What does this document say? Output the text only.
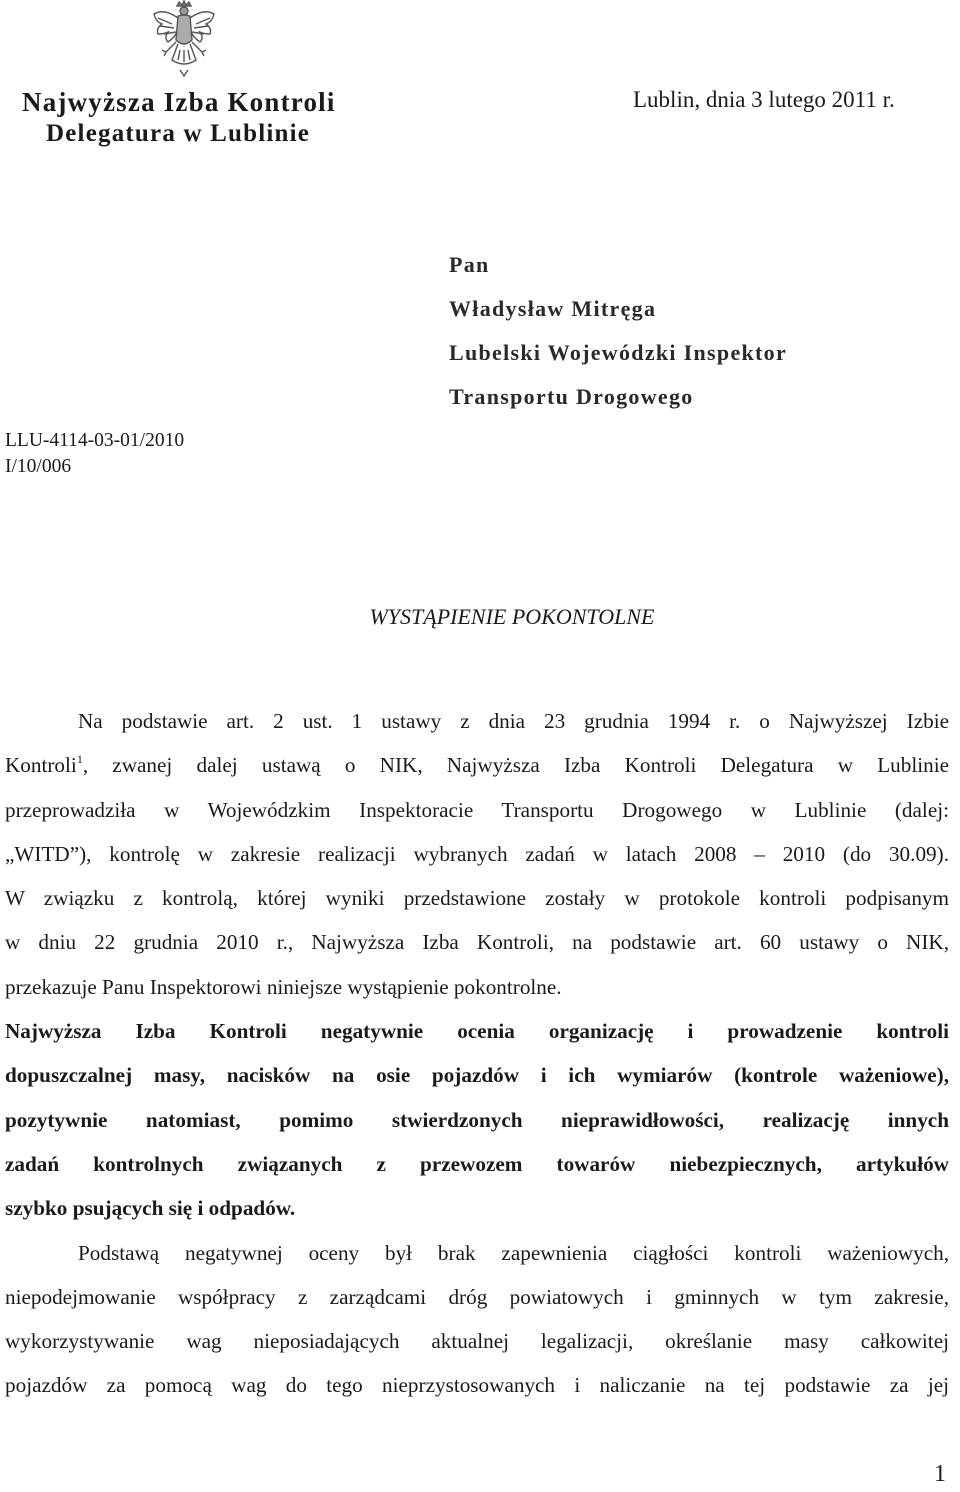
Najwyższa Izba Kontroli
Delegatura w Lublinie
Lublin, dnia 3 lutego 2011 r.
Pan
Władysław Mitręga
Lubelski Wojewódzki Inspektor
Transportu Drogowego
LLU-4114-03-01/2010
I/10/006
WYSTĄPIENIE POKONTOLNE

Na podstawie art. 2 ust. 1 ustawy z dnia 23 grudnia 1994 r. o Najwyższej Izbie

Kontroli$^1$, zwanej dalej ustawą o NIK, Najwyższa Izba Kontroli Delegatura w Lublinie

przeprowadziła w Wojewódzkim Inspektoracie Transportu Drogowego w Lublinie (dalej:

„WITD”), kontrolę w zakresie realizacji wybranych zadań w latach 2008 – 2010 (do 30.09).

W związku z kontrolą, której wyniki przedstawione zostały w protokole kontroli podpisanym

w dniu 22 grudnia 2010 r., Najwyższa Izba Kontroli, na podstawie art. 60 ustawy o NIK,

przekazuje Panu Inspektorowi niniejsze wystąpienie pokontrolne.

Najwyższa Izba Kontroli negatywnie ocenia organizację i prowadzenie kontroli

dopuszczalnej masy, nacisków na osie pojazdów i ich wymiarów (kontrole ważeniowe),

pozytywnie natomiast, pomimo stwierdzonych nieprawidłowości, realizację innych

zadań kontrolnych związanych z przewozem towarów niebezpiecznych, artykułów

szybko psujących się i odpadów.

Podstawą negatywnej oceny był brak zapewnienia ciągłości kontroli ważeniowych,

niepodejmowanie współpracy z zarządcami dróg powiatowych i gminnych w tym zakresie,

wykorzystywanie wag nieposiadających aktualnej legalizacji, określanie masy całkowitej

pojazdów za pomocą wag do tego nieprzystosowanych i naliczanie na tej podstawie za jej

1
